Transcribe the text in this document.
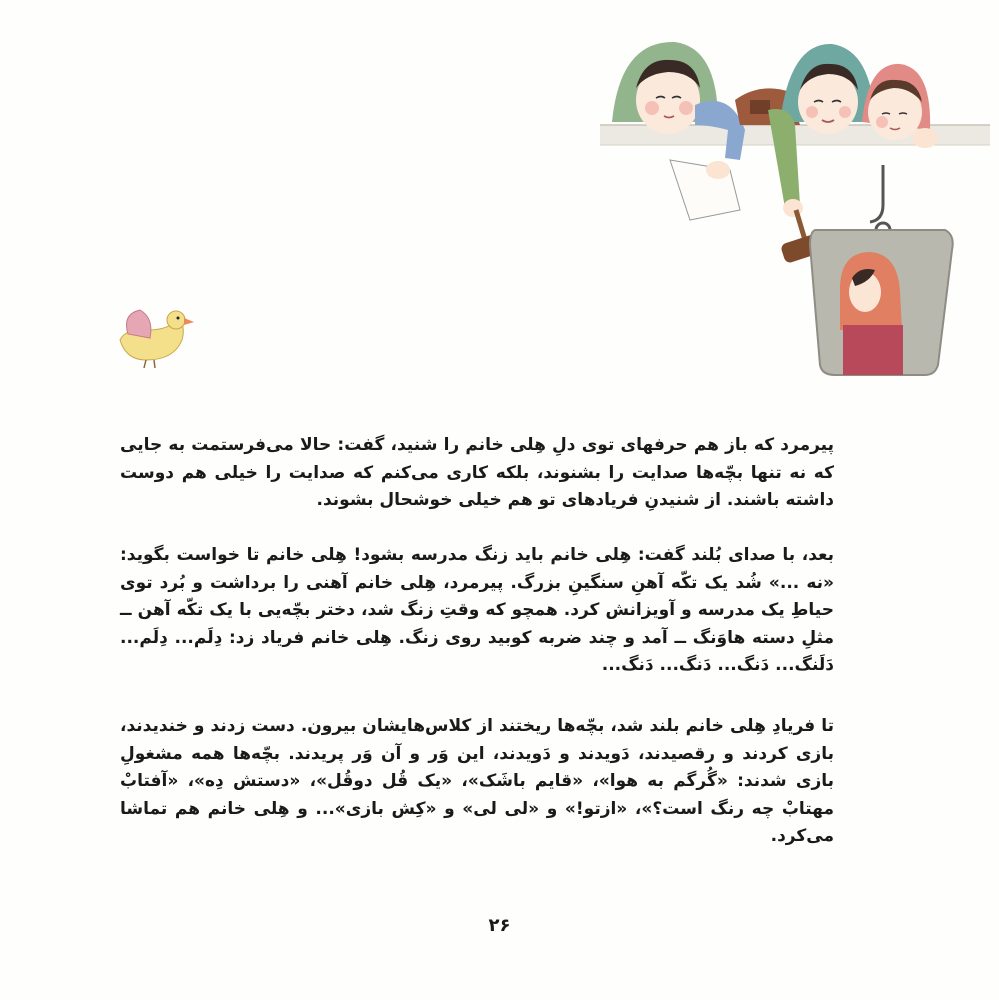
پیرمرد که باز هم حرفهای توی دلِ هِلی خانم را شنید، گفت: حالا می‌فرستمت به جایی که نه تنها بچّه‌ها صدایت را بشنوند، بلکه کاری می‌کنم که صدایت را خیلی هم دوست داشته باشند. از شنیدنِ فریادهای تو هم خیلی خوشحال بشوند.

بعد، با صدای بُلند گفت: هِلی خانم باید زنگ مدرسه بشود! هِلی خانم تا خواست بگوید: «نه ...» شُد یک تکّه آهنِ سنگینِ بزرگ. پیرمرد، هِلی خانم آهنی را برداشت و بُرد توی حیاطِ یک مدرسه و آویزانش کرد. همچو که وقتِ زنگ شد، دختر بچّه‌یی با یک تکّه آهن ــ مثلِ دسته هاوَنگ ــ آمد و چند ضربه کوبید روی زنگ. هِلی خانم فریاد زد: دِلَم... دِلَم... دَلَنگ... دَنگ... دَنگ... دَنگ...

تا فریادِ هِلی خانم بلند شد، بچّه‌ها ریختند از کلاس‌هایشان بیرون. دست زدند و خندیدند، بازی کردند و رقصیدند، دَویدند و دَویدند، این وَر و آن وَر پریدند. بچّه‌ها همه مشغولِ بازی شدند: «گُرگم به هوا»، «قایم باشَک»، «یک قُل دوقُل»، «دستش دِه»، «آفتابْ مهتابْ چه رنگ است؟»، «ازتو!» و «لی لی» و «کِش بازی»... و هِلی خانم هم تماشا می‌کرد.

۲۶
